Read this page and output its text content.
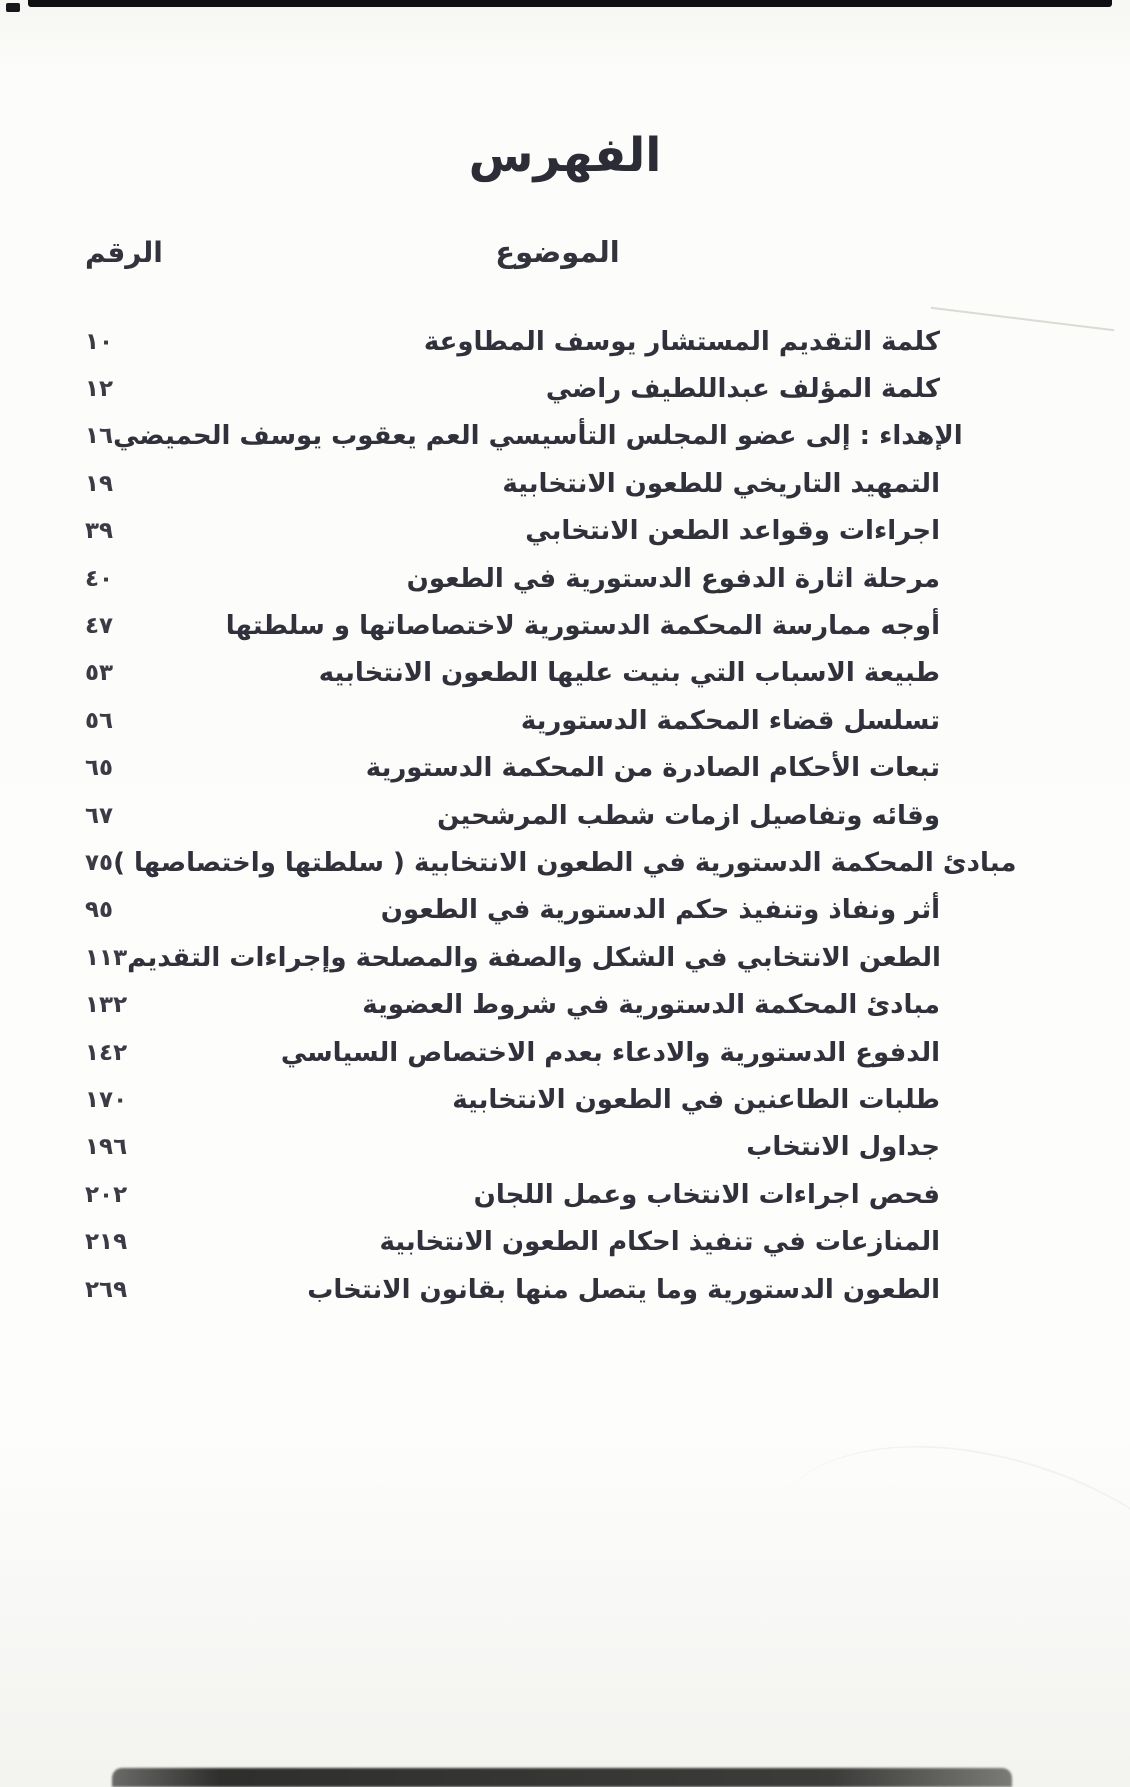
الفهرس
الرقم	الموضوع
١٠	كلمة التقديم المستشار يوسف المطاوعة
١٢	كلمة المؤلف عبداللطيف راضي
١٦ الإهداء : إلى عضو المجلس التأسيسي العم يعقوب يوسف الحميضي
١٩	التمهيد التاريخي للطعون الانتخابية
٣٩	اجراءات وقواعد الطعن الانتخابي
٤٠	مرحلة اثارة الدفوع الدستورية في الطعون
٤٧	أوجه ممارسة المحكمة الدستورية لاختصاصاتها و سلطتها
٥٣	طبيعة الاسباب التي بنيت عليها الطعون الانتخابيه
٥٦	تسلسل قضاء المحكمة الدستورية
٦٥	تبعات الأحكام الصادرة من المحكمة الدستورية
٦٧	وقائه وتفاصيل ازمات شطب المرشحين
٧٥ مبادئ المحكمة الدستورية في الطعون الانتخابية ( سلطتها واختصاصها )
٩٥	أثر ونفاذ وتنفيذ حكم الدستورية في الطعون
١١٣ الطعن الانتخابي في الشكل والصفة والمصلحة وإجراءات التقديم
١٣٢	مبادئ المحكمة الدستورية في شروط العضوية
١٤٢	الدفوع الدستورية والادعاء بعدم الاختصاص السياسي
١٧٠	طلبات الطاعنين في الطعون الانتخابية
١٩٦	جداول الانتخاب
٢٠٢	فحص اجراءات الانتخاب وعمل اللجان
٢١٩	المنازعات في تنفيذ احكام الطعون الانتخابية
٢٦٩	الطعون الدستورية وما يتصل منها بقانون الانتخاب
